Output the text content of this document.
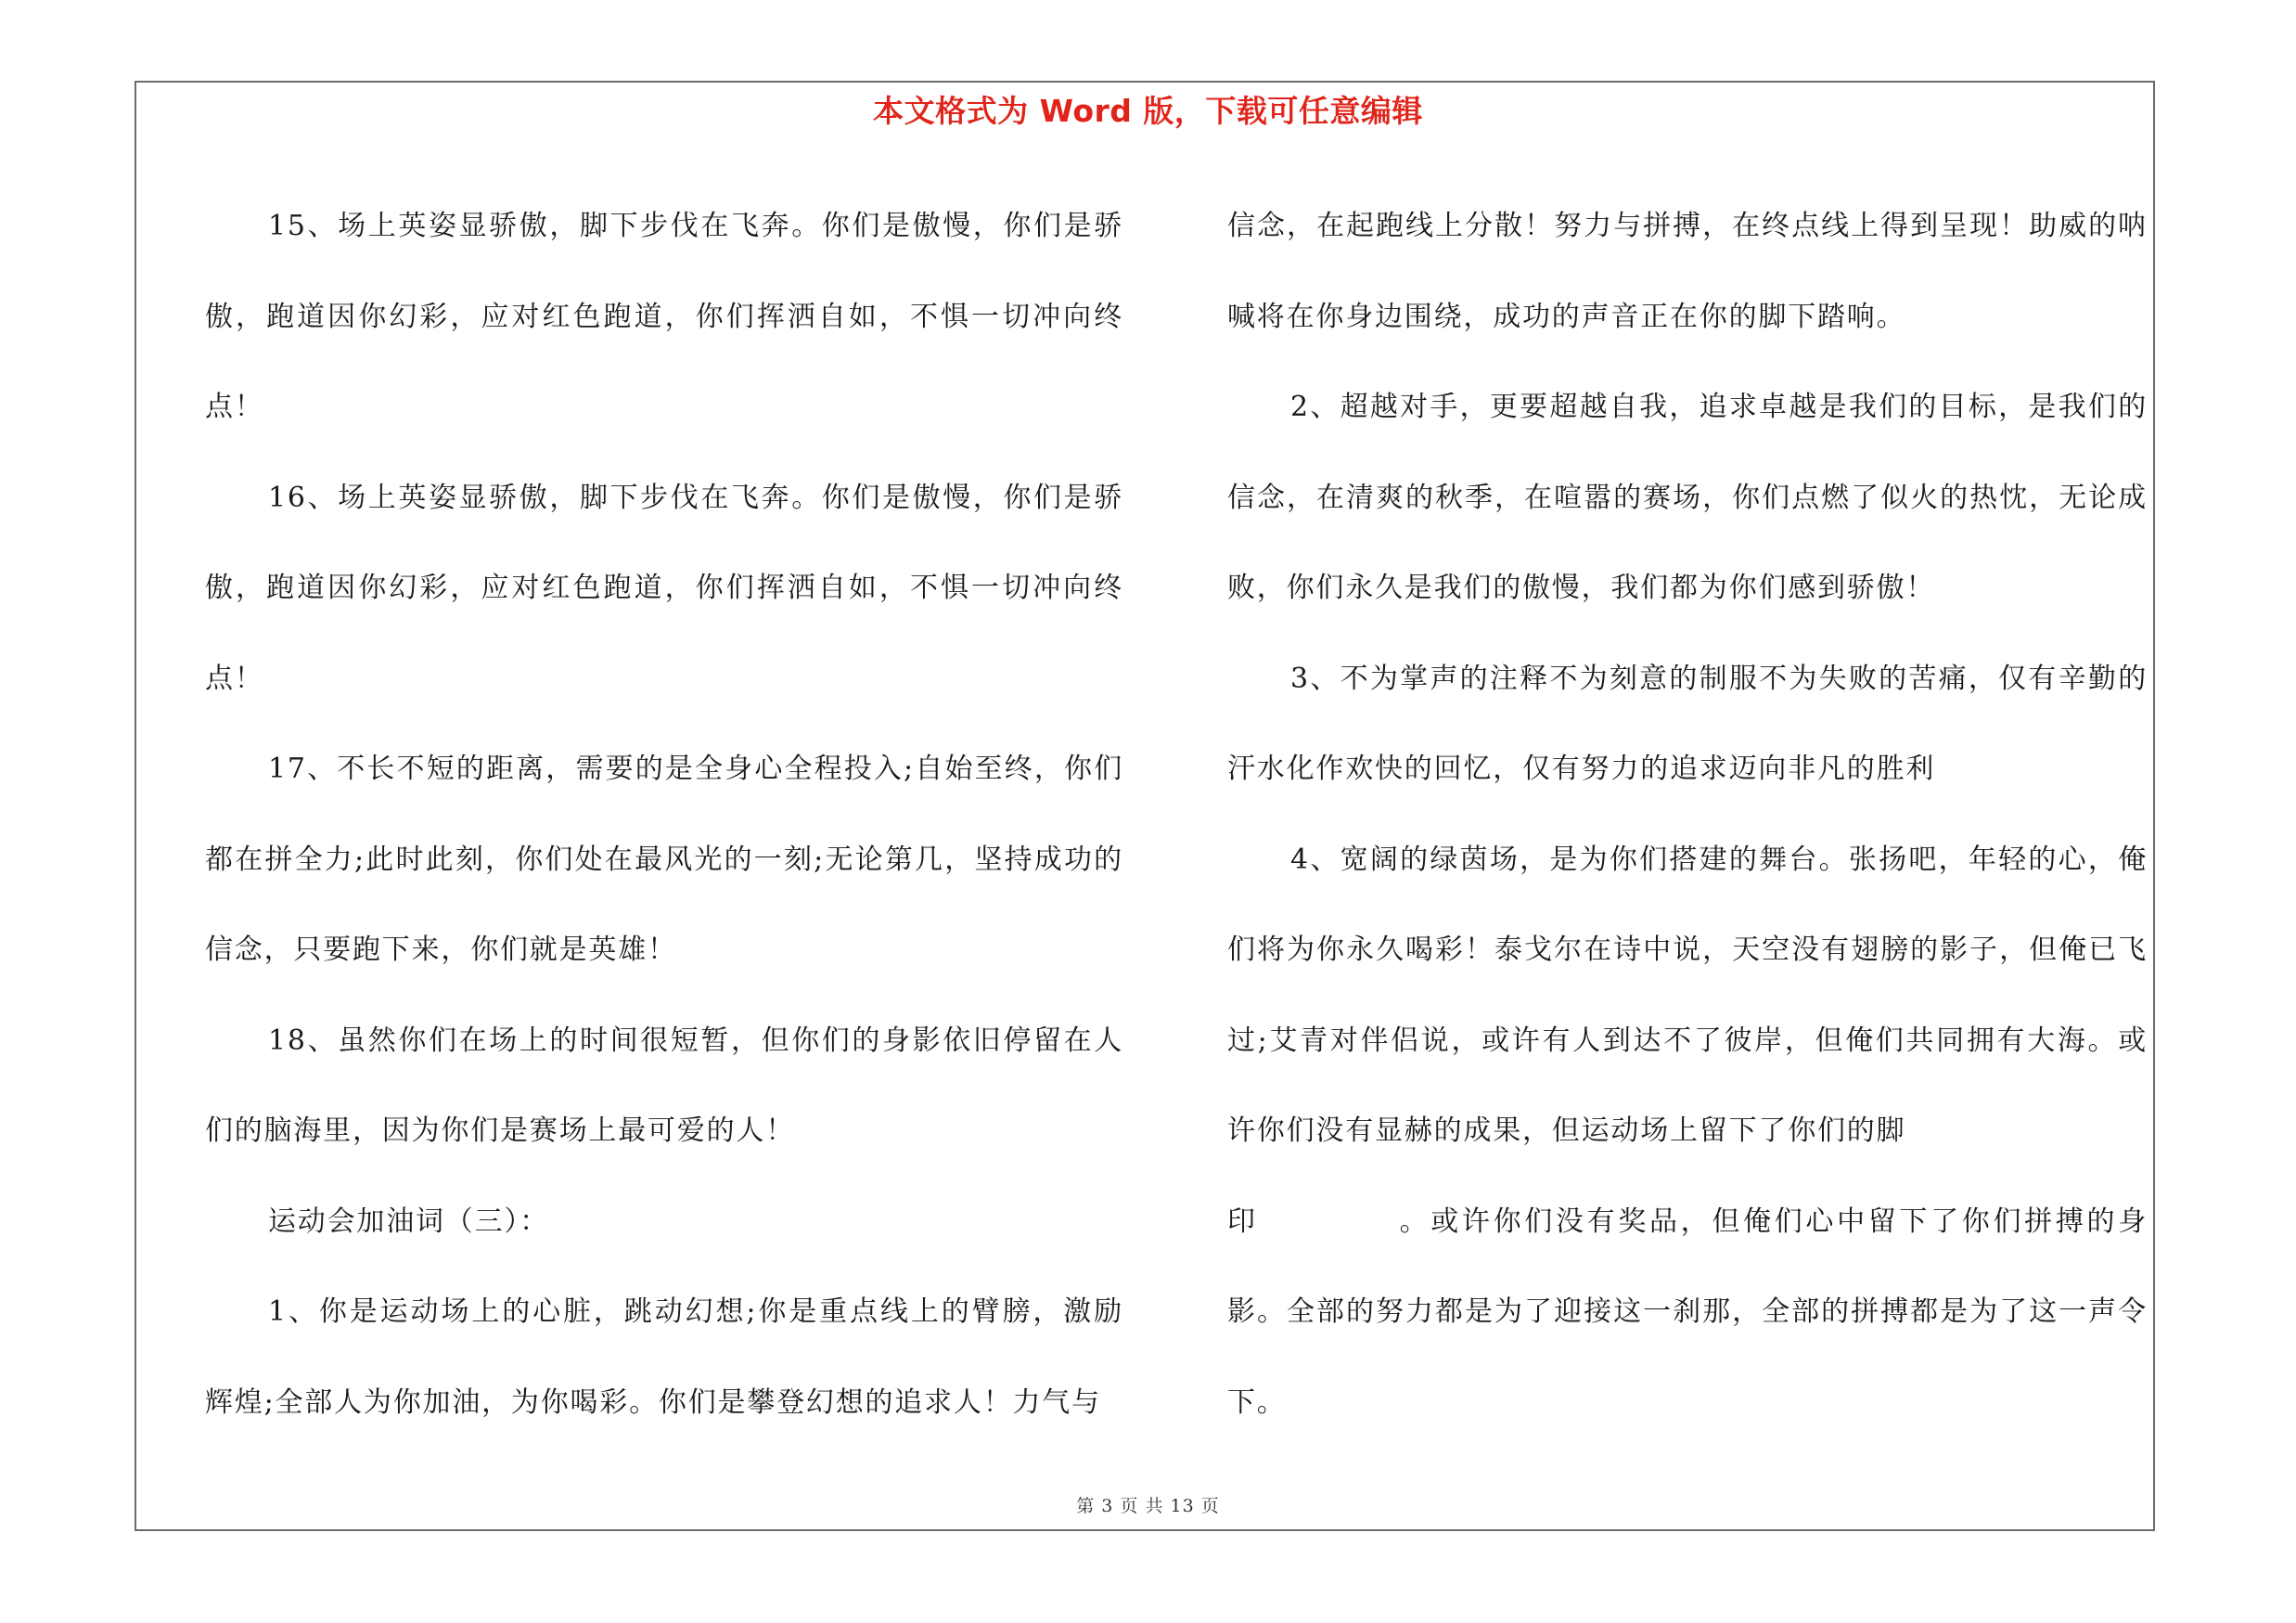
本文格式为 Word 版，下载可任意编辑

15、场上英姿显骄傲，脚下步伐在飞奔。你们是傲慢，你们是骄傲，跑道因你幻彩，应对红色跑道，你们挥洒自如，不惧一切冲向终点！

16、场上英姿显骄傲，脚下步伐在飞奔。你们是傲慢，你们是骄傲，跑道因你幻彩，应对红色跑道，你们挥洒自如，不惧一切冲向终点！

17、不长不短的距离，需要的是全身心全程投入;自始至终，你们都在拼全力;此时此刻，你们处在最风光的一刻;无论第几，坚持成功的信念，只要跑下来，你们就是英雄！

18、虽然你们在场上的时间很短暂，但你们的身影依旧停留在人们的脑海里，因为你们是赛场上最可爱的人！

运动会加油词（三）：

1、你是运动场上的心脏，跳动幻想;你是重点线上的臂膀，激励辉煌;全部人为你加油，为你喝彩。你们是攀登幻想的追求人！力气与

信念，在起跑线上分散！努力与拼搏，在终点线上得到呈现！助威的呐喊将在你身边围绕，成功的声音正在你的脚下踏响。

2、超越对手，更要超越自我，追求卓越是我们的目标，是我们的信念，在清爽的秋季，在喧嚣的赛场，你们点燃了似火的热忱，无论成败，你们永久是我们的傲慢，我们都为你们感到骄傲！

3、不为掌声的注释不为刻意的制服不为失败的苦痛，仅有辛勤的汗水化作欢快的回忆，仅有努力的追求迈向非凡的胜利

4、宽阔的绿茵场，是为你们搭建的舞台。张扬吧，年轻的心，俺们将为你永久喝彩！泰戈尔在诗中说，天空没有翅膀的影子，但俺已飞过;艾青对伴侣说，或许有人到达不了彼岸，但俺们共同拥有大海。或许你们没有显赫的成果，但运动场上留下了你们的脚

印	。或许你们没有奖品，但俺们心中留下了你们拼搏的身影。全部的努力都是为了迎接这一刹那，全部的拼搏都是为了这一声令下。

第 3 页 共 13 页
